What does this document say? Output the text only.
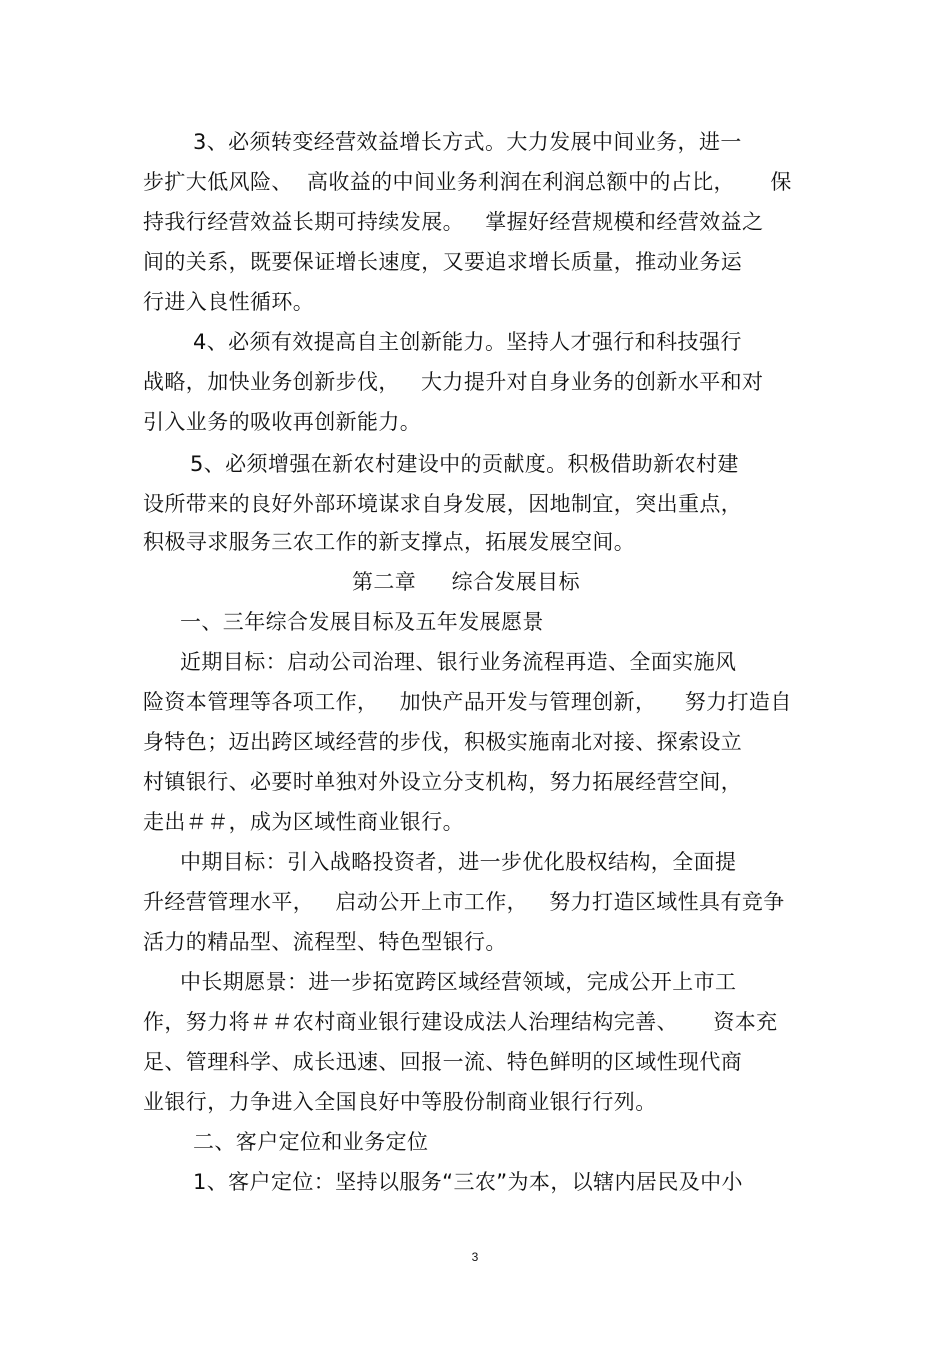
3、必须转变经营效益增长方式。大力发展中间业务，进一
步扩大低风险、  高收益的中间业务利润在利润总额中的占比，     保
持我行经营效益长期可持续发展。   掌握好经营规模和经营效益之
间的关系，既要保证增长速度，又要追求增长质量，推动业务运
行进入良性循环。
4、必须有效提高自主创新能力。坚持人才强行和科技强行
战略，加快业务创新步伐，   大力提升对自身业务的创新水平和对
引入业务的吸收再创新能力。
5、必须增强在新农村建设中的贡献度。积极借助新农村建
设所带来的良好外部环境谋求自身发展，因地制宜，突出重点，
积极寻求服务三农工作的新支撑点，拓展发展空间。
第二章     综合发展目标
一、三年综合发展目标及五年发展愿景
近期目标：启动公司治理、银行业务流程再造、全面实施风
险资本管理等各项工作，   加快产品开发与管理创新，    努力打造自
身特色；迈出跨区域经营的步伐，积极实施南北对接、探索设立
村镇银行、必要时单独对外设立分支机构，努力拓展经营空间，
走出＃＃，成为区域性商业银行。
中期目标：引入战略投资者，进一步优化股权结构，全面提
升经营管理水平，   启动公开上市工作，   努力打造区域性具有竞争
活力的精品型、流程型、特色型银行。
中长期愿景：进一步拓宽跨区域经营领域，完成公开上市工
作，努力将＃＃农村商业银行建设成法人治理结构完善、     资本充
足、管理科学、成长迅速、回报一流、特色鲜明的区域性现代商
业银行，力争进入全国良好中等股份制商业银行行列。
二、客户定位和业务定位
1、客户定位：坚持以服务“三农”为本，以辖内居民及中小
3
